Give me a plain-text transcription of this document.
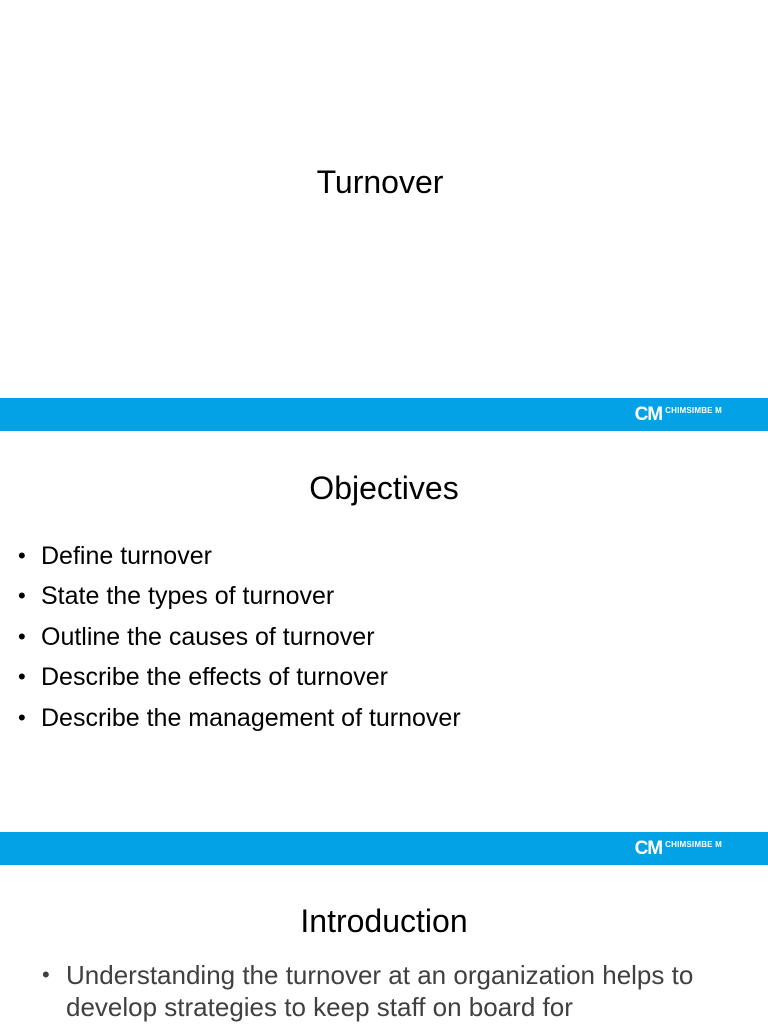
Turnover
CM CHIMSIMBE M
Objectives
• Define turnover
• State the types of turnover
• Outline the causes of turnover
• Describe the effects of turnover
• Describe the management of turnover
CM CHIMSIMBE M
Introduction
• Understanding the turnover at an organization helps to develop strategies to keep staff on board for
